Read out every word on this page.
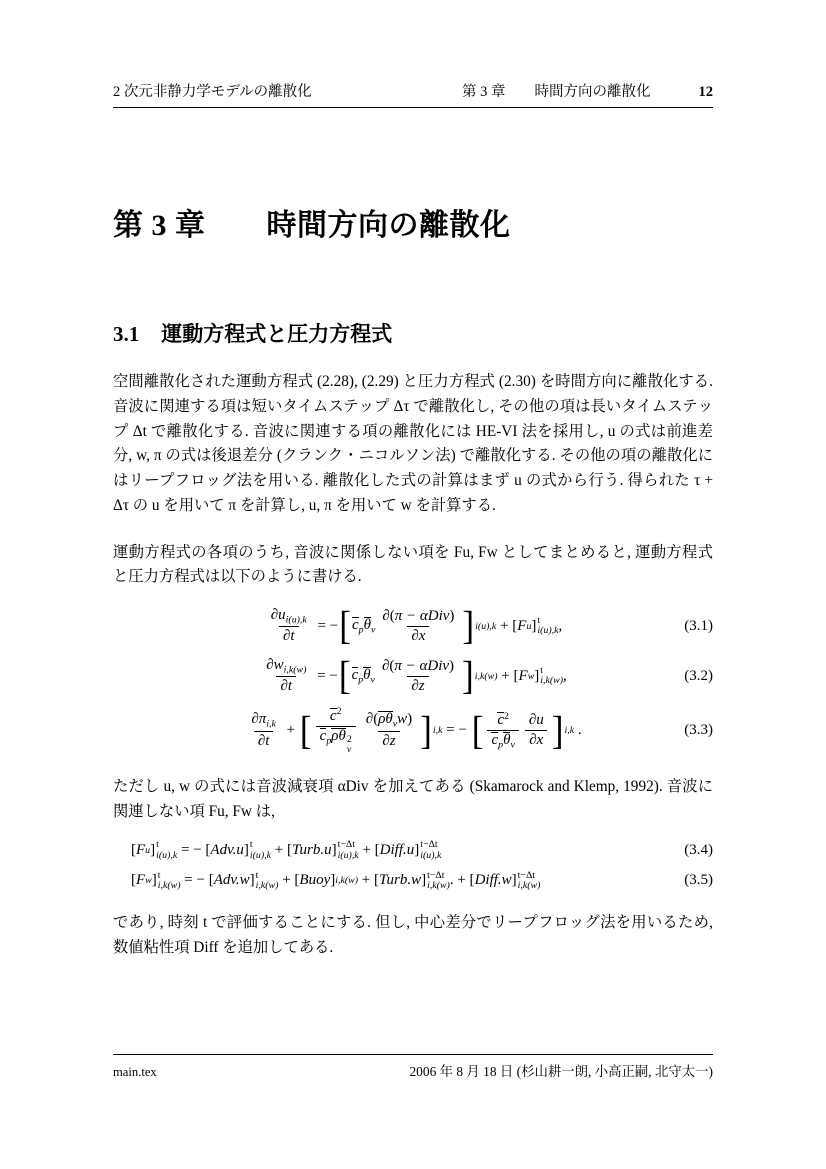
2 次元非静力学モデルの離散化	第 3 章　　時間方向の離散化	12
第 3 章　　時間方向の離散化
3.1 運動方程式と圧力方程式

空間離散化された運動方程式 (2.28), (2.29) と圧力方程式 (2.30) を時間方向に離散化する. 音波に関連する項は短いタイムステップ Δτ で離散化し, その他の項は長いタイムステップ Δt で離散化する. 音波に関連する項の離散化には HE-VI 法を採用し, u の式は前進差分, w, π の式は後退差分 (クランク・ニコルソン法) で離散化する. その他の項の離散化にはリープフロッグ法を用いる. 離散化した式の計算はまず u の式から行う. 得られた τ + Δτ の u を用いて π を計算し, u, π を用いて w を計算する.

運動方程式の各項のうち, 音波に関係しない項を Fu, Fw としてまとめると, 運動方程式と圧力方程式は以下のように書ける.

$\frac{\partial u_{i(u),k}}{\partial t}$ = − [ $c_p\theta_v \frac{\text{∂(π − αDiv)}}{\partial x}$ ] i(u),k + [ F u ] t
i(u),k ,	(3.1)
$\frac{\partial w_{i,k(w)}}{\partial t}$ = − [ $c_p\theta_v \frac{\text{∂(π − αDiv)}}{\partial z}$ ] i,k(w) + [ F w ] t
i,k(w) ,	(3.2)
$\frac{\partial\pi_{i,k}}{\partial t}$ + [ $c^2$
$c_p\rho\theta$ 2
v $\frac{\partial(\rho\theta_vw)}{\partial z}$ ] i,k = − [ $\frac{c^2}{c_p\theta_v} \frac{\partial u}{\partial x}$ ] i,k .	(3.3)

ただし u, w の式には音波減衰項 αDiv を加えてある (Skamarock and Klemp, 1992). 音波に関連しない項 Fu, Fw は,

[ F u ] t
i(u),k = − [ Adv.u ] t
i(u),k + [ Turb.u ] t−Δt
i(u),k + [ Diff.u ] t−Δt
i(u),k	(3.4)
[ F w ] t
i,k(w) = − [ Adv.w ] t
i,k(w) + [ Buoy ] i,k(w) + [ Turb.w ] t−Δt
i,k(w) . + [ Diff.w ] t−Δt
i,k(w)	(3.5)

であり, 時刻 t で評価することにする. 但し, 中心差分でリープフロッグ法を用いるため, 数値粘性項 Diff を追加してある.

main.tex	2006 年 8 月 18 日 (杉山耕一朗, 小高正嗣, 北守太一)
